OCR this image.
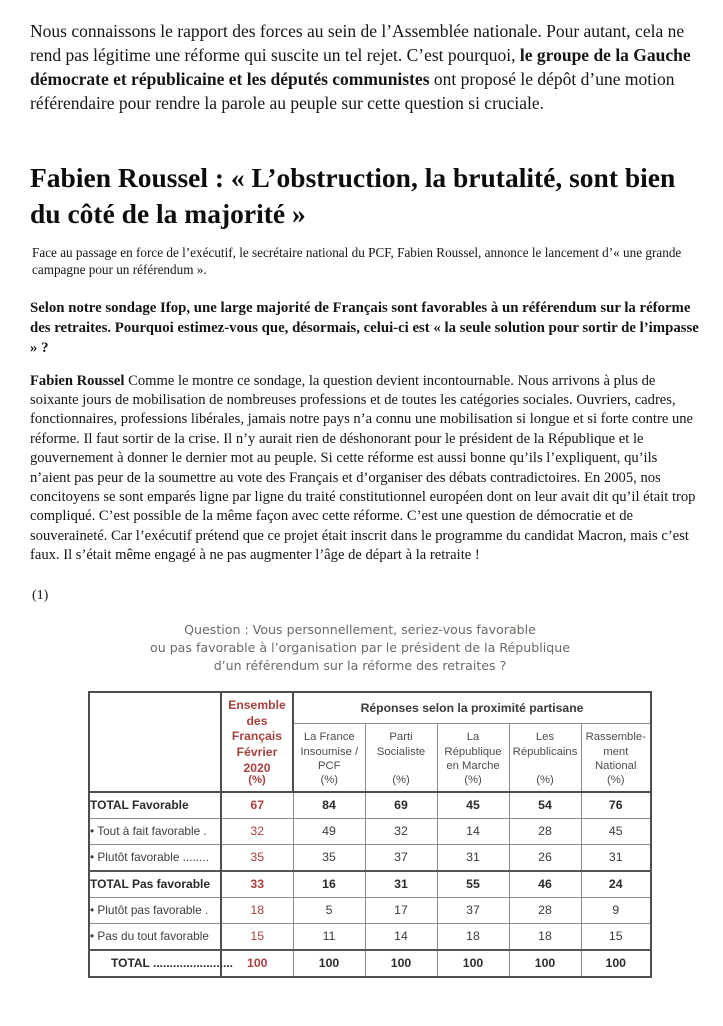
Nous connaissons le rapport des forces au sein de l’Assemblée nationale. Pour autant, cela ne rend pas légitime une réforme qui suscite un tel rejet. C’est pourquoi, le groupe de la Gauche démocrate et républicaine et les députés communistes ont proposé le dépôt d’une motion référendaire pour rendre la parole au peuple sur cette question si cruciale.

Fabien Roussel : « L’obstruction, la brutalité, sont bien du côté de la majorité »

Face au passage en force de l’exécutif, le secrétaire national du PCF, Fabien Roussel, annonce le lancement d’« une grande campagne pour un référendum ».

Selon notre sondage Ifop, une large majorité de Français sont favorables à un référendum sur la réforme des retraites. Pourquoi estimez-vous que, désormais, celui-ci est « la seule solution pour sortir de l’impasse » ?

Fabien Roussel Comme le montre ce sondage, la question devient incontournable. Nous arrivons à plus de soixante jours de mobilisation de nombreuses professions et de toutes les catégories sociales. Ouvriers, cadres, fonctionnaires, professions libérales, jamais notre pays n’a connu une mobilisation si longue et si forte contre une réforme. Il faut sortir de la crise. Il n’y aurait rien de déshonorant pour le président de la République et le gouvernement à donner le dernier mot au peuple. Si cette réforme est aussi bonne qu’ils l’expliquent, qu’ils n’aient pas peur de la soumettre au vote des Français et d’organiser des débats contradictoires. En 2005, nos concitoyens se sont emparés ligne par ligne du traité constitutionnel européen dont on leur avait dit qu’il était trop compliqué. C’est possible de la même façon avec cette réforme. C’est une question de démocratie et de souveraineté. Car l’exécutif prétend que ce projet était inscrit dans le programme du candidat Macron, mais c’est faux. Il s’était même engagé à ne pas augmenter l’âge de départ à la retraite !

(1)

Question : Vous personnellement, seriez-vous favorable
ou pas favorable à l’organisation par le président de la République
d’un référendum sur la réforme des retraites ?

	Ensemble
des Français
Février
2020
(%)	Réponses selon la proximité partisane				

		La France
Insoumise /
PCF
(%)	Parti
Socialiste
(%)	La
République
en Marche
(%)	Les
Républicains
(%)	Rassemble-
ment
National
(%)

TOTAL Favorable	67	84	69	45	54	76
• Tout à fait favorable .	32	49	32	14	28	45
• Plutôt favorable ........	35	35	37	31	26	31
TOTAL Pas favorable	33	16	31	55	46	24
• Plutôt pas favorable .	18	5	17	37	28	9
• Pas du tout favorable	15	11	14	18	18	15
TOTAL ........................	100	100	100	100	100	100
